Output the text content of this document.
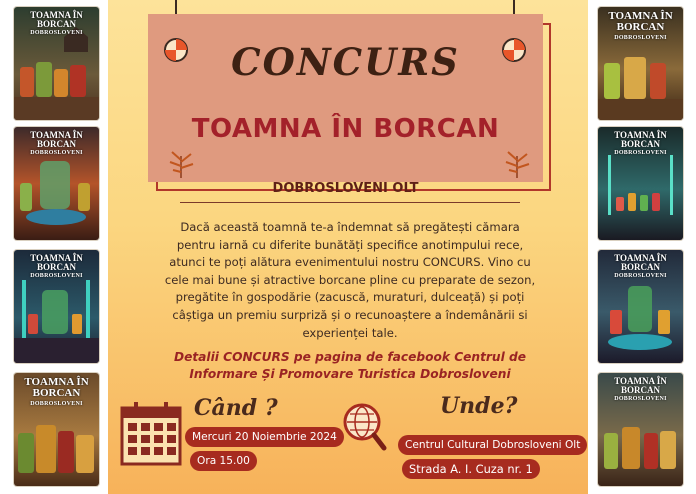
TOAMNA ÎN BORCAN
DOBROSLOVENI
TOAMNA ÎN BORCAN
DOBROSLOVENI
TOAMNA ÎN BORCAN
DOBROSLOVENI
TOAMNA ÎN BORCAN
DOBROSLOVENI
TOAMNA ÎN BORCAN
DOBROSLOVENI
TOAMNA ÎN BORCAN
DOBROSLOVENI
TOAMNA ÎN BORCAN
DOBROSLOVENI
TOAMNA ÎN BORCAN
DOBROSLOVENI
CONCURS
TOAMNA ÎN BORCAN
DOBROSLOVENI OLT
Dacă această toamnă te-a îndemnat să pregătești cămara
pentru iarnă cu diferite bunătăți specifice anotimpului rece,
atunci te poți alătura evenimentului nostru CONCURS. Vino cu
cele mai bune și atractive borcane pline cu preparate de sezon,
pregătite în gospodărie (zacuscă, muraturi, dulceață) și poți
câștiga un premiu surpriză și o recunoaștere a îndemânării si
experienței tale.
Detalii CONCURS pe pagina de facebook Centrul de
Informare Și Promovare Turistica Dobrosloveni
Când ?
Mercuri 20 Noiembrie 2024
Ora 15.00
Unde?
Centrul Cultural Dobrosloveni Olt
Strada A. I. Cuza nr. 1
